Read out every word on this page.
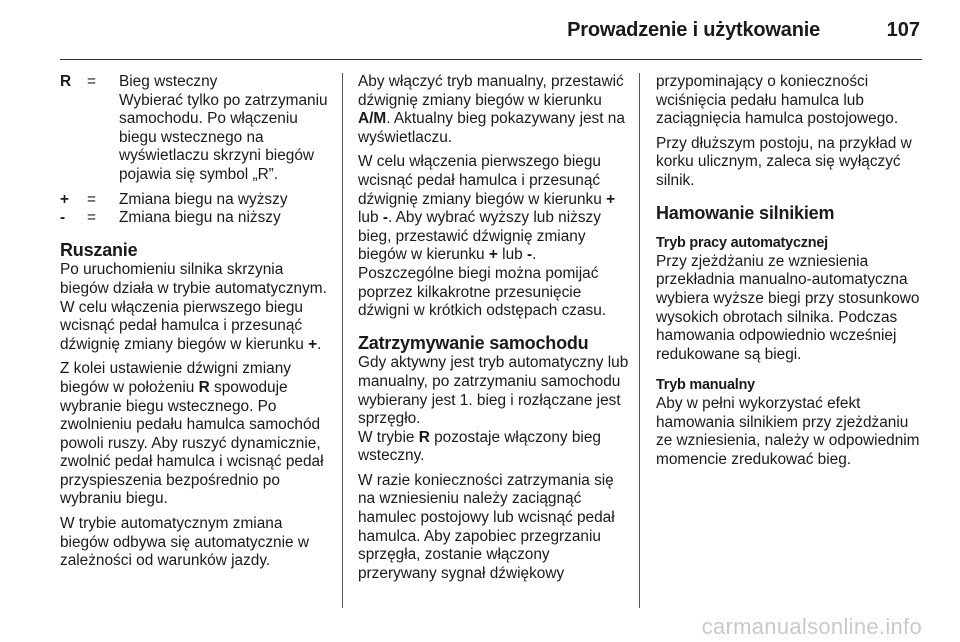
Prowadzenie i użytkowanie	107
R	=	Bieg wsteczny

Wybierać tylko po zatrzymaniu samochodu. Po włączeniu biegu wstecznego na wyświetlaczu skrzyni biegów pojawia się symbol „R”.

+	=	Zmiana biegu na wyższy
-	=	Zmiana biegu na niższy
Ruszanie

Po uruchomieniu silnika skrzynia biegów działa w trybie automatycznym. W celu włączenia pierwszego biegu wcisnąć pedał hamulca i przesunąć dźwignię zmiany biegów w kierunku +.

Z kolei ustawienie dźwigni zmiany biegów w położeniu R spowoduje wybranie biegu wstecznego. Po zwolnieniu pedału hamulca samochód powoli ruszy. Aby ruszyć dynamicznie, zwolnić pedał hamulca i wcisnąć pedał przyspieszenia bezpośrednio po wybraniu biegu.

W trybie automatycznym zmiana biegów odbywa się automatycznie w zależności od warunków jazdy.

Aby włączyć tryb manualny, przestawić dźwignię zmiany biegów w kierunku A/M. Aktualny bieg pokazywany jest na wyświetlaczu.

W celu włączenia pierwszego biegu wcisnąć pedał hamulca i przesunąć dźwignię zmiany biegów w kierunku + lub -. Aby wybrać wyższy lub niższy bieg, przestawić dźwignię zmiany biegów w kierunku + lub -. Poszczególne biegi można pomijać poprzez kilkakrotne przesunięcie dźwigni w krótkich odstępach czasu.

Zatrzymywanie samochodu

Gdy aktywny jest tryb automatyczny lub manualny, po zatrzymaniu samochodu wybierany jest 1. bieg i rozłączane jest sprzęgło.

W trybie R pozostaje włączony bieg wsteczny.

W razie konieczności zatrzymania się na wzniesieniu należy zaciągnąć hamulec postojowy lub wcisnąć pedał hamulca. Aby zapobiec przegrzaniu sprzęgła, zostanie włączony przerywany sygnał dźwiękowy

przypominający o konieczności wciśnięcia pedału hamulca lub zaciągnięcia hamulca postojowego.

Przy dłuższym postoju, na przykład w korku ulicznym, zaleca się wyłączyć silnik.

Hamowanie silnikiem
Tryb pracy automatycznej

Przy zjeżdżaniu ze wzniesienia przekładnia manualno-automatyczna wybiera wyższe biegi przy stosunkowo wysokich obrotach silnika. Podczas hamowania odpowiednio wcześniej redukowane są biegi.

Tryb manualny

Aby w pełni wykorzystać efekt hamowania silnikiem przy zjeżdżaniu ze wzniesienia, należy w odpowiednim momencie zredukować bieg.

carmanualsonline.info
